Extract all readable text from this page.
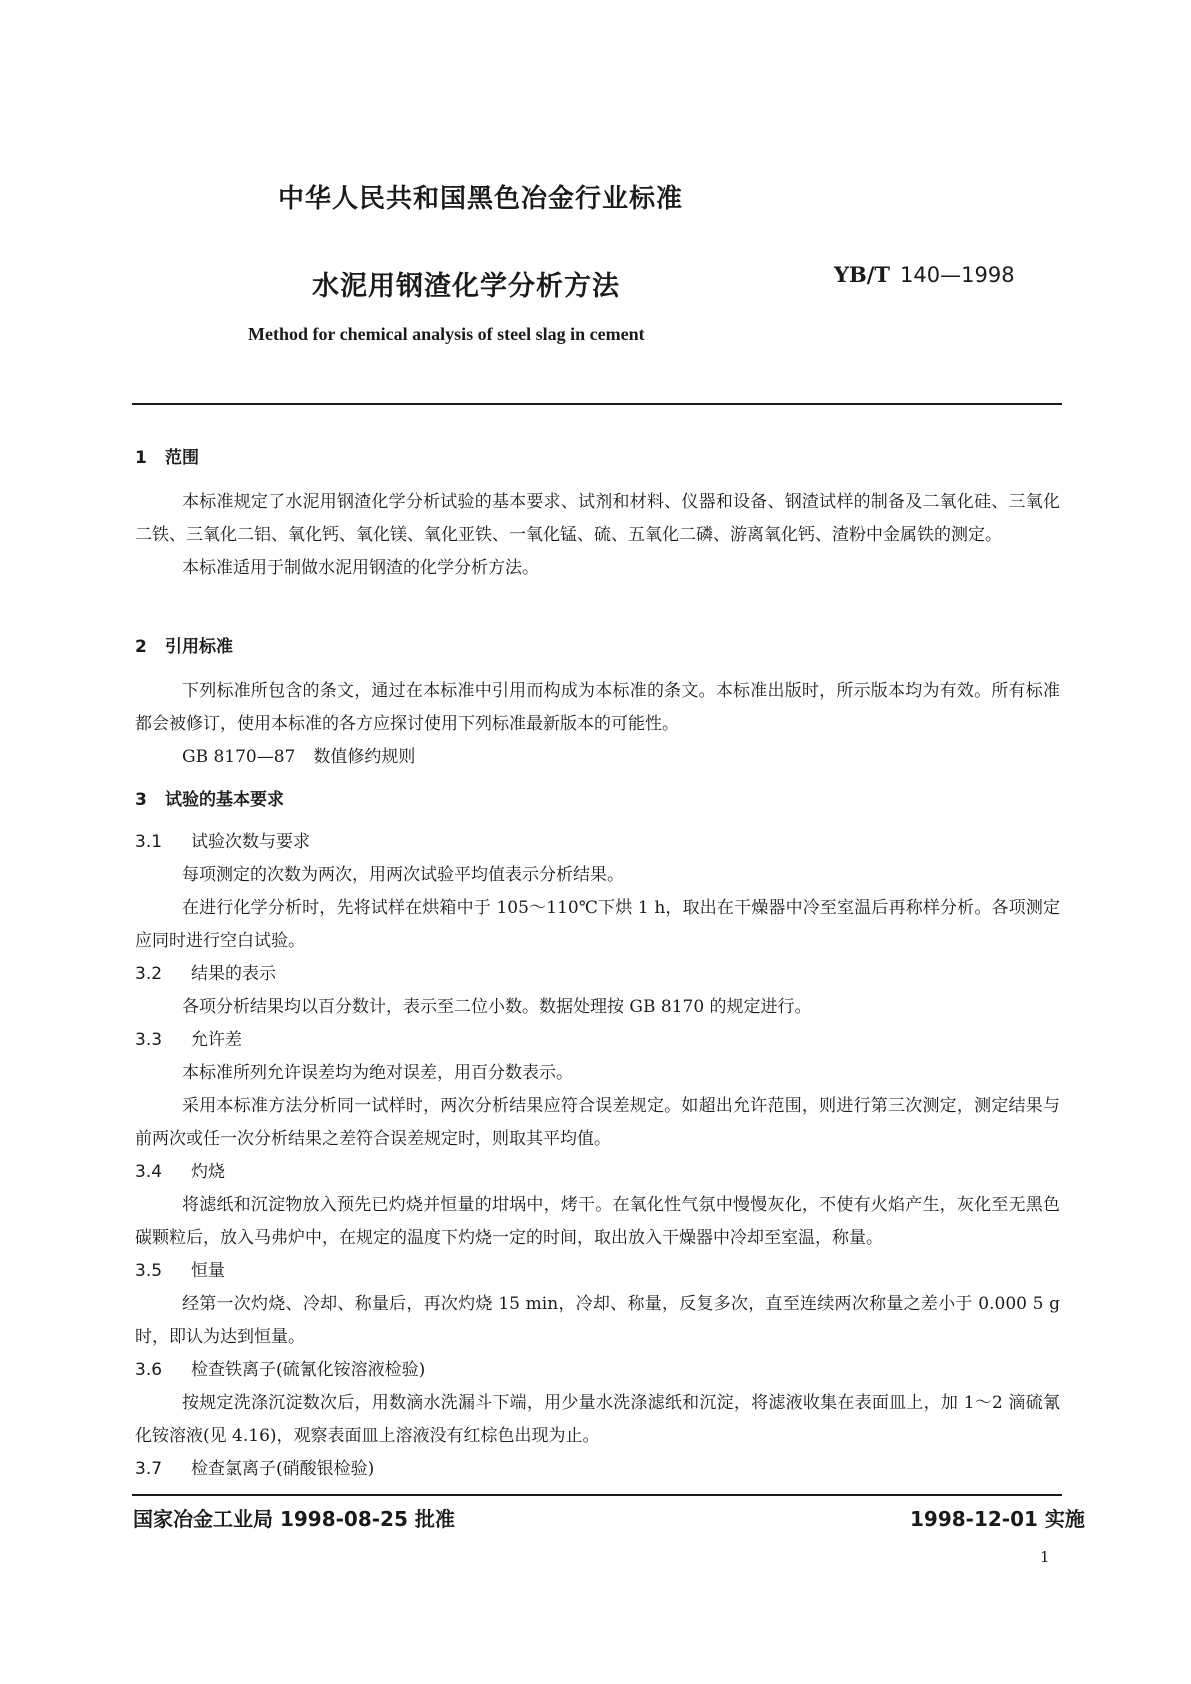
中华人民共和国黑色冶金行业标准
水泥用钢渣化学分析方法	YB/T 140—1998
Method for chemical analysis of steel slag in cement
1 范围

本标准规定了水泥用钢渣化学分析试验的基本要求、试剂和材料、仪器和设备、钢渣试样的制备及二氧化硅、三氧化二铁、三氧化二铝、氧化钙、氧化镁、氧化亚铁、一氧化锰、硫、五氧化二磷、游离氧化钙、渣粉中金属铁的测定。

本标准适用于制做水泥用钢渣的化学分析方法。

2 引用标准

下列标准所包含的条文，通过在本标准中引用而构成为本标准的条文。本标准出版时，所示版本均为有效。所有标准都会被修订，使用本标准的各方应探讨使用下列标准最新版本的可能性。

GB 8170—87 数值修约规则

3 试验的基本要求

3.1 试验次数与要求

每项测定的次数为两次，用两次试验平均值表示分析结果。

在进行化学分析时，先将试样在烘箱中于 105～110℃下烘 1 h，取出在干燥器中冷至室温后再称样分析。各项测定应同时进行空白试验。

3.2 结果的表示

各项分析结果均以百分数计，表示至二位小数。数据处理按 GB 8170 的规定进行。

3.3 允许差

本标准所列允许误差均为绝对误差，用百分数表示。

采用本标准方法分析同一试样时，两次分析结果应符合误差规定。如超出允许范围，则进行第三次测定，测定结果与前两次或任一次分析结果之差符合误差规定时，则取其平均值。

3.4 灼烧

将滤纸和沉淀物放入预先已灼烧并恒量的坩埚中，烤干。在氧化性气氛中慢慢灰化，不使有火焰产生，灰化至无黑色碳颗粒后，放入马弗炉中，在规定的温度下灼烧一定的时间，取出放入干燥器中冷却至室温，称量。

3.5 恒量

经第一次灼烧、冷却、称量后，再次灼烧 15 min，冷却、称量，反复多次，直至连续两次称量之差小于 0.000 5 g 时，即认为达到恒量。

3.6 检查铁离子(硫氰化铵溶液检验)

按规定洗涤沉淀数次后，用数滴水洗漏斗下端，用少量水洗涤滤纸和沉淀，将滤液收集在表面皿上，加 1～2 滴硫氰化铵溶液(见 4.16)，观察表面皿上溶液没有红棕色出现为止。

3.7 检查氯离子(硝酸银检验)

国家冶金工业局 1998-08-25 批准	1998-12-01 实施
1
